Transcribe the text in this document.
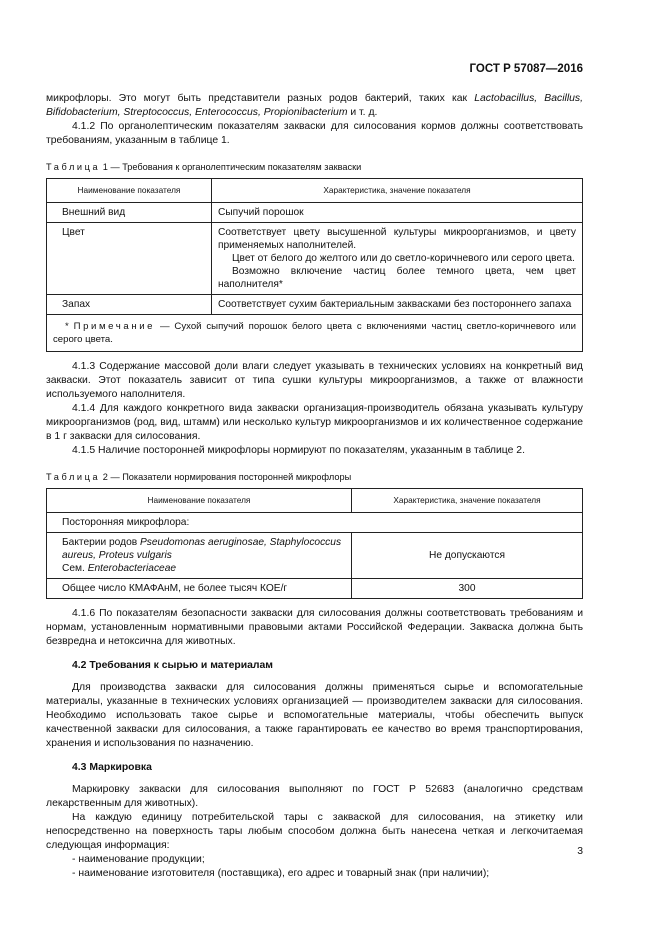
ГОСТ Р 57087—2016

микрофлоры. Это могут быть представители разных родов бактерий, таких как Lactobacillus, Bacillus, Bifidobacterium, Streptococcus, Enterococcus, Propionibacterium и т. д.

4.1.2 По органолептическим показателям закваски для силосования кормов должны соответствовать требованиям, указанным в таблице 1.

Таблица 1 — Требования к органолептическим показателям закваски
Наименование показателя	Характеристика, значение показателя
Внешний вид	Сыпучий порошок
Цвет	Соответствует цвету высушенной культуры микроорганизмов, и цвету применяемых наполнителей.

Цвет от белого до желтого или до светло-коричневого или серого цвета.

Возможно включение частиц более темного цвета, чем цвет наполнителя*

Запах	Соответствует сухим бактериальным заквасками без постороннего запаха
* Примечание — Сухой сыпучий порошок белого цвета с включениями частиц светло-коричневого или серого цвета.	

4.1.3 Содержание массовой доли влаги следует указывать в технических условиях на конкретный вид закваски. Этот показатель зависит от типа сушки культуры микроорганизмов, а также от влажности используемого наполнителя.

4.1.4 Для каждого конкретного вида закваски организация-производитель обязана указывать культуру микроорганизмов (род, вид, штамм) или несколько культур микроорганизмов и их количественное содержание в 1 г закваски для силосования.

4.1.5 Наличие посторонней микрофлоры нормируют по показателям, указанным в таблице 2.

Таблица 2 — Показатели нормирования посторонней микрофлоры
Наименование показателя	Характеристика, значение показателя
Посторонняя микрофлора:	
Бактерии родов Pseudomonas aeruginosae, Staphylococcus aureus, Proteus vulgaris
Сем. Enterobacteriaceae	Не допускаются
Общее число КМАФАнМ, не более тысяч КОЕ/г	300

4.1.6 По показателям безопасности закваски для силосования должны соответствовать требованиям и нормам, установленным нормативными правовыми актами Российской Федерации. Закваска должна быть безвредна и нетоксична для животных.

4.2 Требования к сырью и материалам

Для производства закваски для силосования должны применяться сырье и вспомогательные материалы, указанные в технических условиях организацией — производителем закваски для силосования. Необходимо использовать такое сырье и вспомогательные материалы, чтобы обеспечить выпуск качественной закваски для силосования, а также гарантировать ее качество во время транспортирования, хранения и использования по назначению.

4.3 Маркировка

Маркировку закваски для силосования выполняют по ГОСТ Р 52683 (аналогично средствам лекарственным для животных).

На каждую единицу потребительской тары с закваской для силосования, на этикетку или непосредственно на поверхность тары любым способом должна быть нанесена четкая и легкочитаемая следующая информация:

- наименование продукции;

- наименование изготовителя (поставщика), его адрес и товарный знак (при наличии);

3
